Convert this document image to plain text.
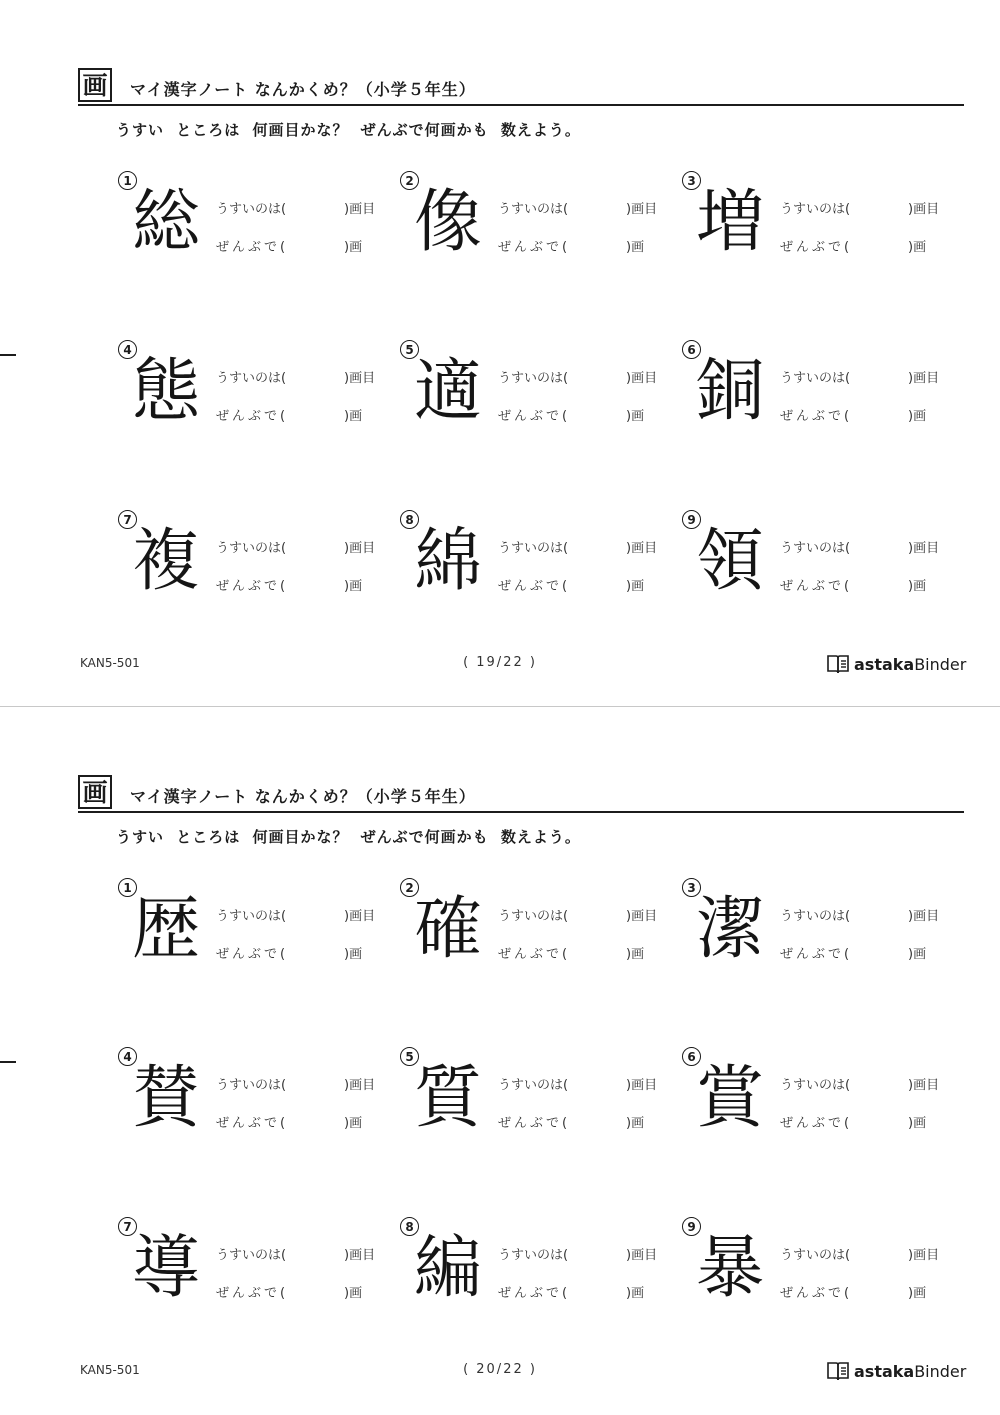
画 マイ漢字ノート なんかくめ？（小学５年生）
うすい ところは 何画目かな？ ぜんぶで何画かも 数えよう。
1
総	うすいのは(	)画目
ぜんぶで(	)画
2
像	うすいのは(	)画目
ぜんぶで(	)画
3
増	うすいのは(	)画目
ぜんぶで(	)画
4
態	うすいのは(	)画目
ぜんぶで(	)画
5
適	うすいのは(	)画目
ぜんぶで(	)画
6
銅	うすいのは(	)画目
ぜんぶで(	)画
7
複	うすいのは(	)画目
ぜんぶで(	)画
8
綿	うすいのは(	)画目
ぜんぶで(	)画
9
領	うすいのは(	)画目
ぜんぶで(	)画
KAN5-501	( 19/22 )	astaka Binder
画 マイ漢字ノート なんかくめ？（小学５年生）
うすい ところは 何画目かな？ ぜんぶで何画かも 数えよう。
1
歴	うすいのは(	)画目
ぜんぶで(	)画
2
確	うすいのは(	)画目
ぜんぶで(	)画
3
潔	うすいのは(	)画目
ぜんぶで(	)画
4
賛	うすいのは(	)画目
ぜんぶで(	)画
5
質	うすいのは(	)画目
ぜんぶで(	)画
6
賞	うすいのは(	)画目
ぜんぶで(	)画
7
導	うすいのは(	)画目
ぜんぶで(	)画
8
編	うすいのは(	)画目
ぜんぶで(	)画
9
暴	うすいのは(	)画目
ぜんぶで(	)画
KAN5-501	( 20/22 )	astaka Binder
